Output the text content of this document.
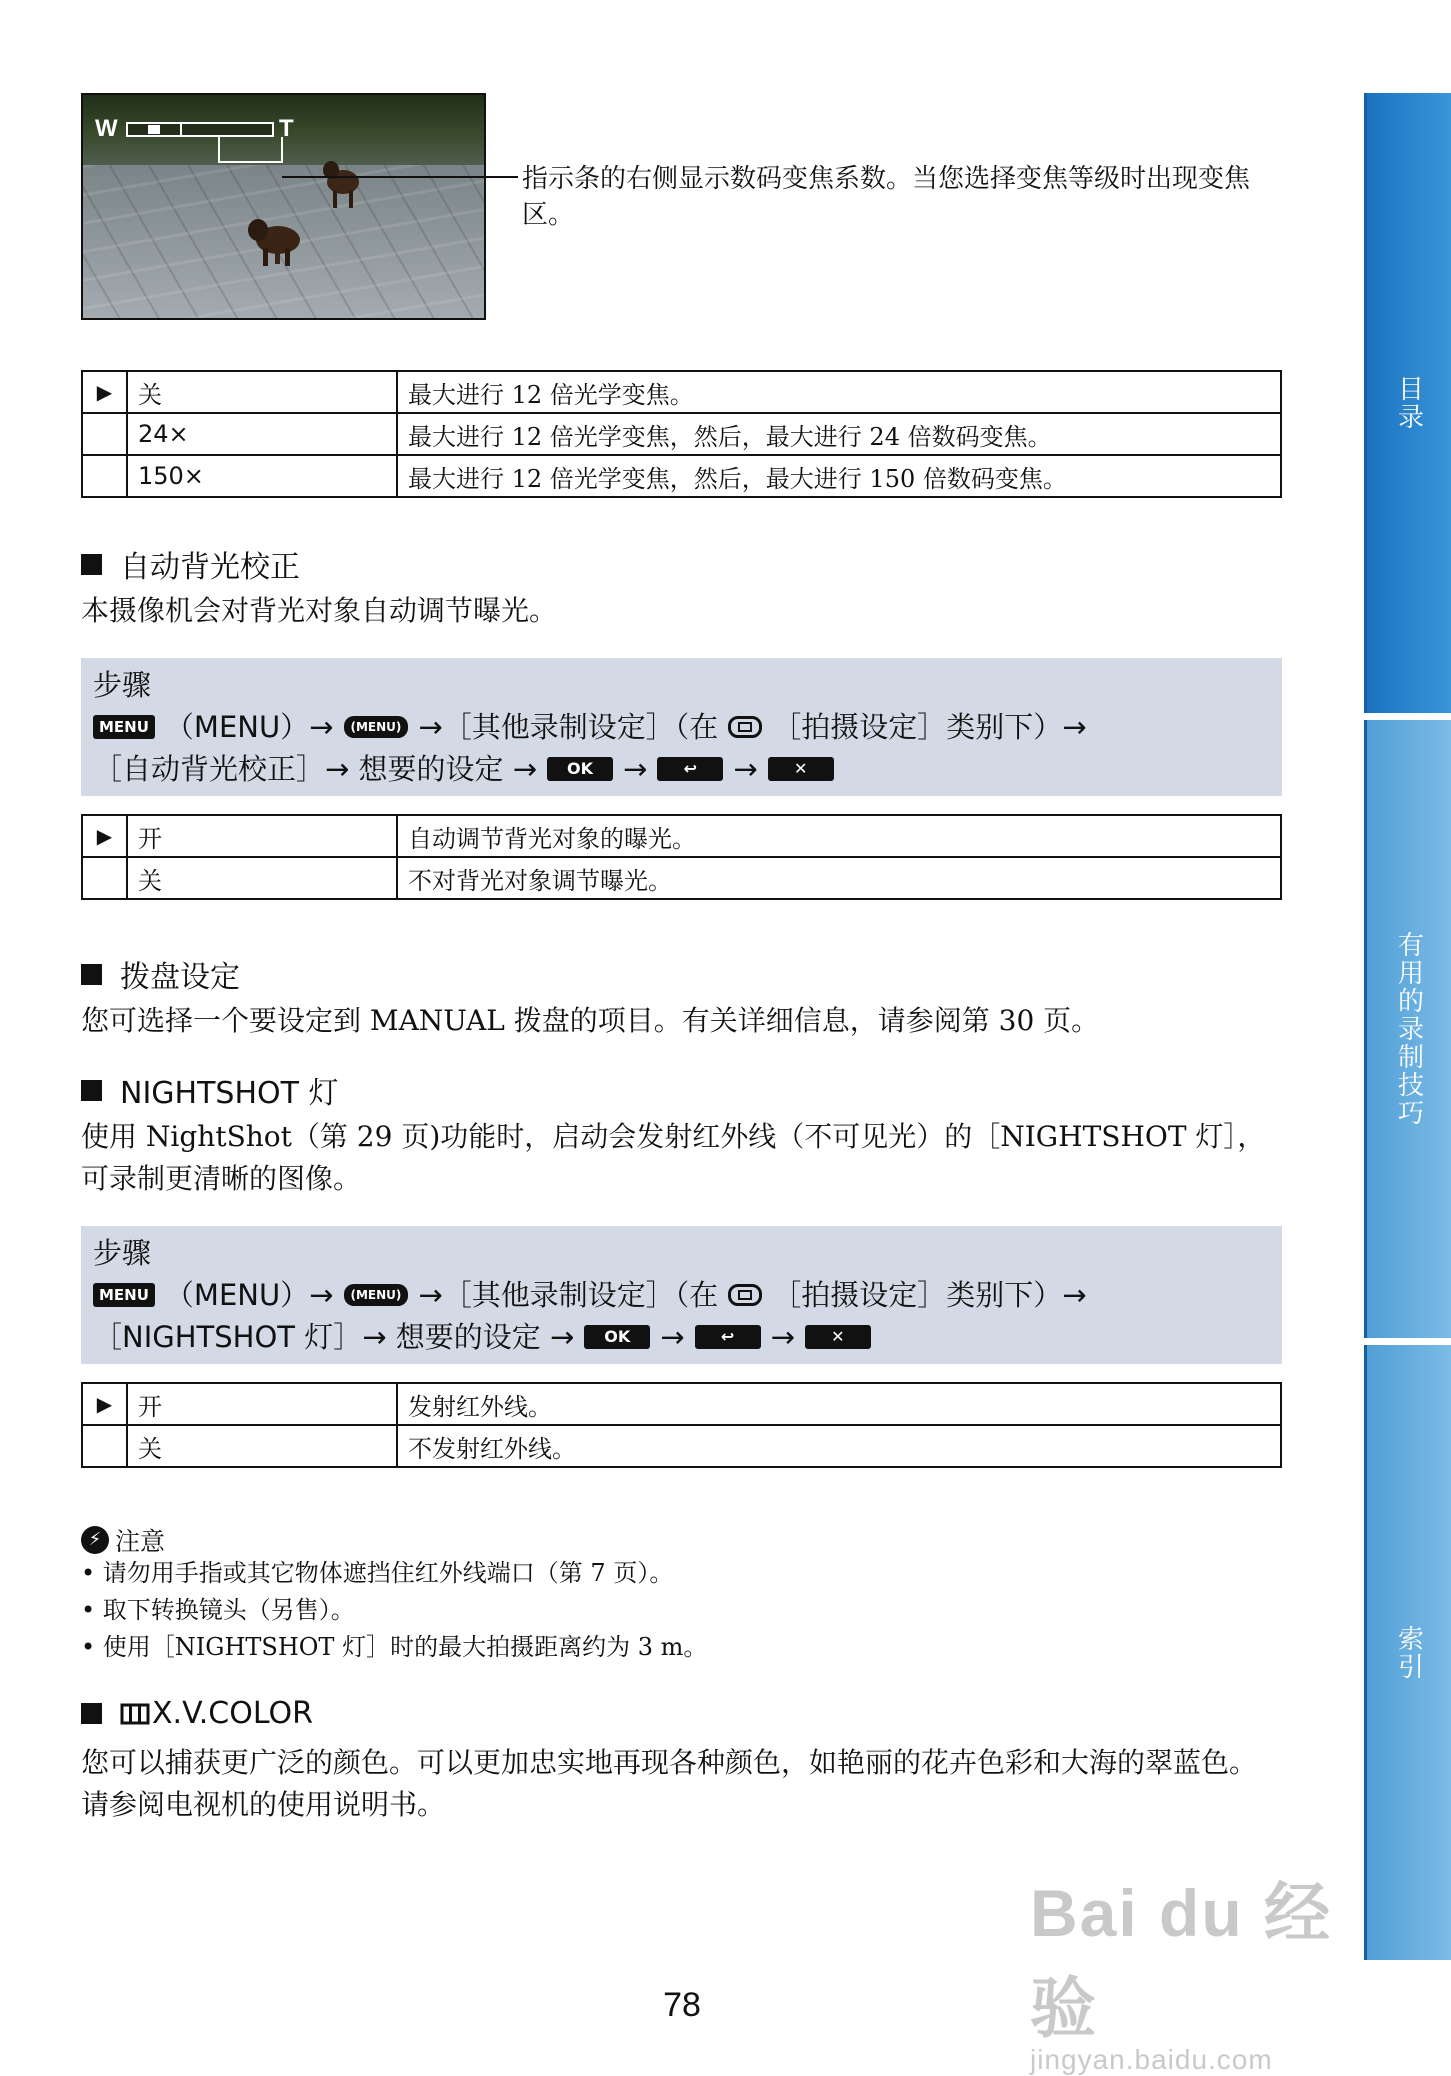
W	T
指示条的右侧显示数码变焦系数。当您选择变焦等级时出现变焦区。
▶	关	最大进行 12 倍光学变焦。
	24×	最大进行 12 倍光学变焦，然后，最大进行 24 倍数码变焦。
	150×	最大进行 12 倍光学变焦，然后，最大进行 150 倍数码变焦。
自动背光校正
本摄像机会对背光对象自动调节曝光。
步骤
MENU （MENU）→	(MENU) →［其他录制设定］（在 ［拍摄设定］类别下）→
［自动背光校正］→ 想要的设定 →	OK	→	↩	→	✕
▶	开	自动调节背光对象的曝光。
	关	不对背光对象调节曝光。
拨盘设定
您可选择一个要设定到 MANUAL 拨盘的项目。有关详细信息，请参阅第 30 页。
NIGHTSHOT 灯
使用 NightShot（第 29 页)功能时，启动会发射红外线（不可见光）的［NIGHTSHOT 灯］，可录制更清晰的图像。
步骤
MENU （MENU）→	(MENU) →［其他录制设定］（在 ［拍摄设定］类别下）→
［NIGHTSHOT 灯］→ 想要的设定 →	OK	→	↩	→	✕
▶	开	发射红外线。
	关	不发射红外线。
⚡ 注意
• 请勿用手指或其它物体遮挡住红外线端口（第 7 页）。
• 取下转换镜头（另售）。
• 使用［NIGHTSHOT 灯］时的最大拍摄距离约为 3 m。
X.V.COLOR
您可以捕获更广泛的颜色。可以更加忠实地再现各种颜色，如艳丽的花卉色彩和大海的翠蓝色。请参阅电视机的使用说明书。
目录
有用的录制技巧
索引
78
Bai du 经验
jingyan.baidu.com
